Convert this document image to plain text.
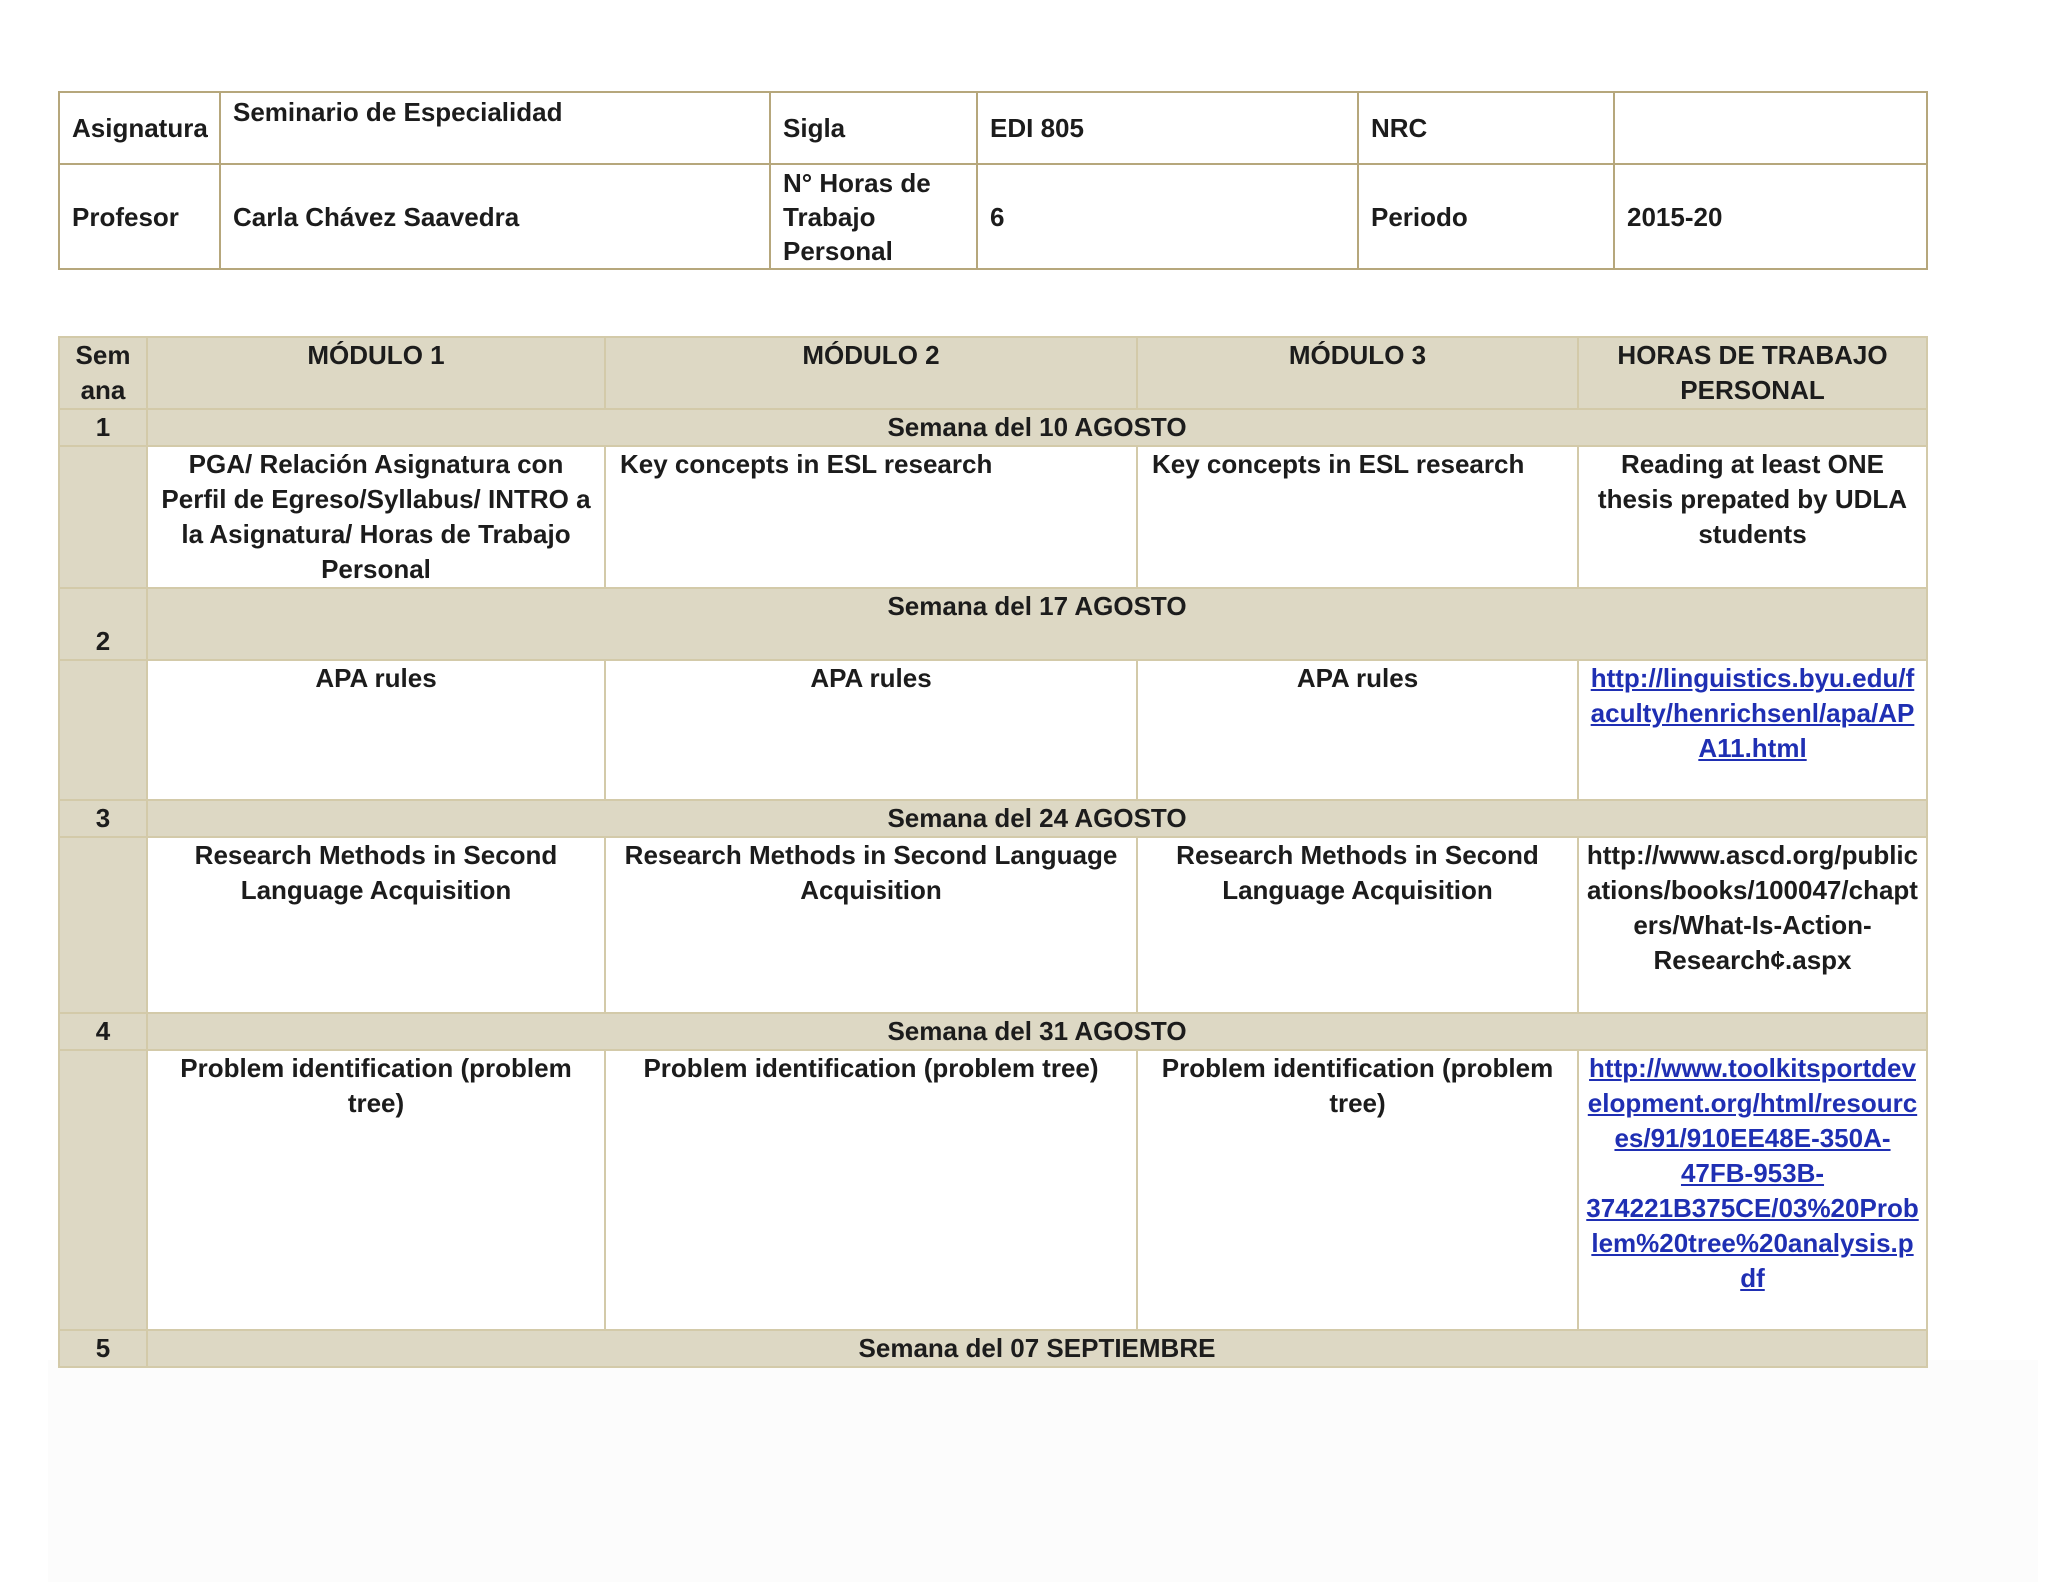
Asignatura	Seminario de Especialidad	Sigla	EDI 805	NRC	
Profesor	Carla Chávez Saavedra	N° Horas de Trabajo Personal	6	Periodo	2015-20
Sem ana	MÓDULO 1	MÓDULO 2	MÓDULO 3	HORAS DE TRABAJO PERSONAL
1	Semana del 10 AGOSTO			
	PGA/ Relación Asignatura con Perfil de Egreso/Syllabus/ INTRO a la Asignatura/ Horas de Trabajo Personal	Key concepts in ESL research	Key concepts in ESL research	Reading at least ONE thesis prepated by UDLA students
2	Semana del 17 AGOSTO			
	APA rules	APA rules	APA rules	http://linguistics.byu.edu/faculty/henrichsenl/apa/APA11.html
3	Semana del 24 AGOSTO			
	Research Methods in Second Language Acquisition	Research Methods in Second Language Acquisition	Research Methods in Second Language Acquisition	http://www.ascd.org/publications/books/100047/chapters/What-Is-Action-Research¢.aspx
4	Semana del 31 AGOSTO			
	Problem identification (problem tree)	Problem identification (problem tree)	Problem identification (problem tree)	http://www.toolkitsportdevelopment.org/html/resources/91/910EE48E-350A-47FB-953B-374221B375CE/03%20Problem%20tree%20analysis.pdf
5	Semana del 07 SEPTIEMBRE			
